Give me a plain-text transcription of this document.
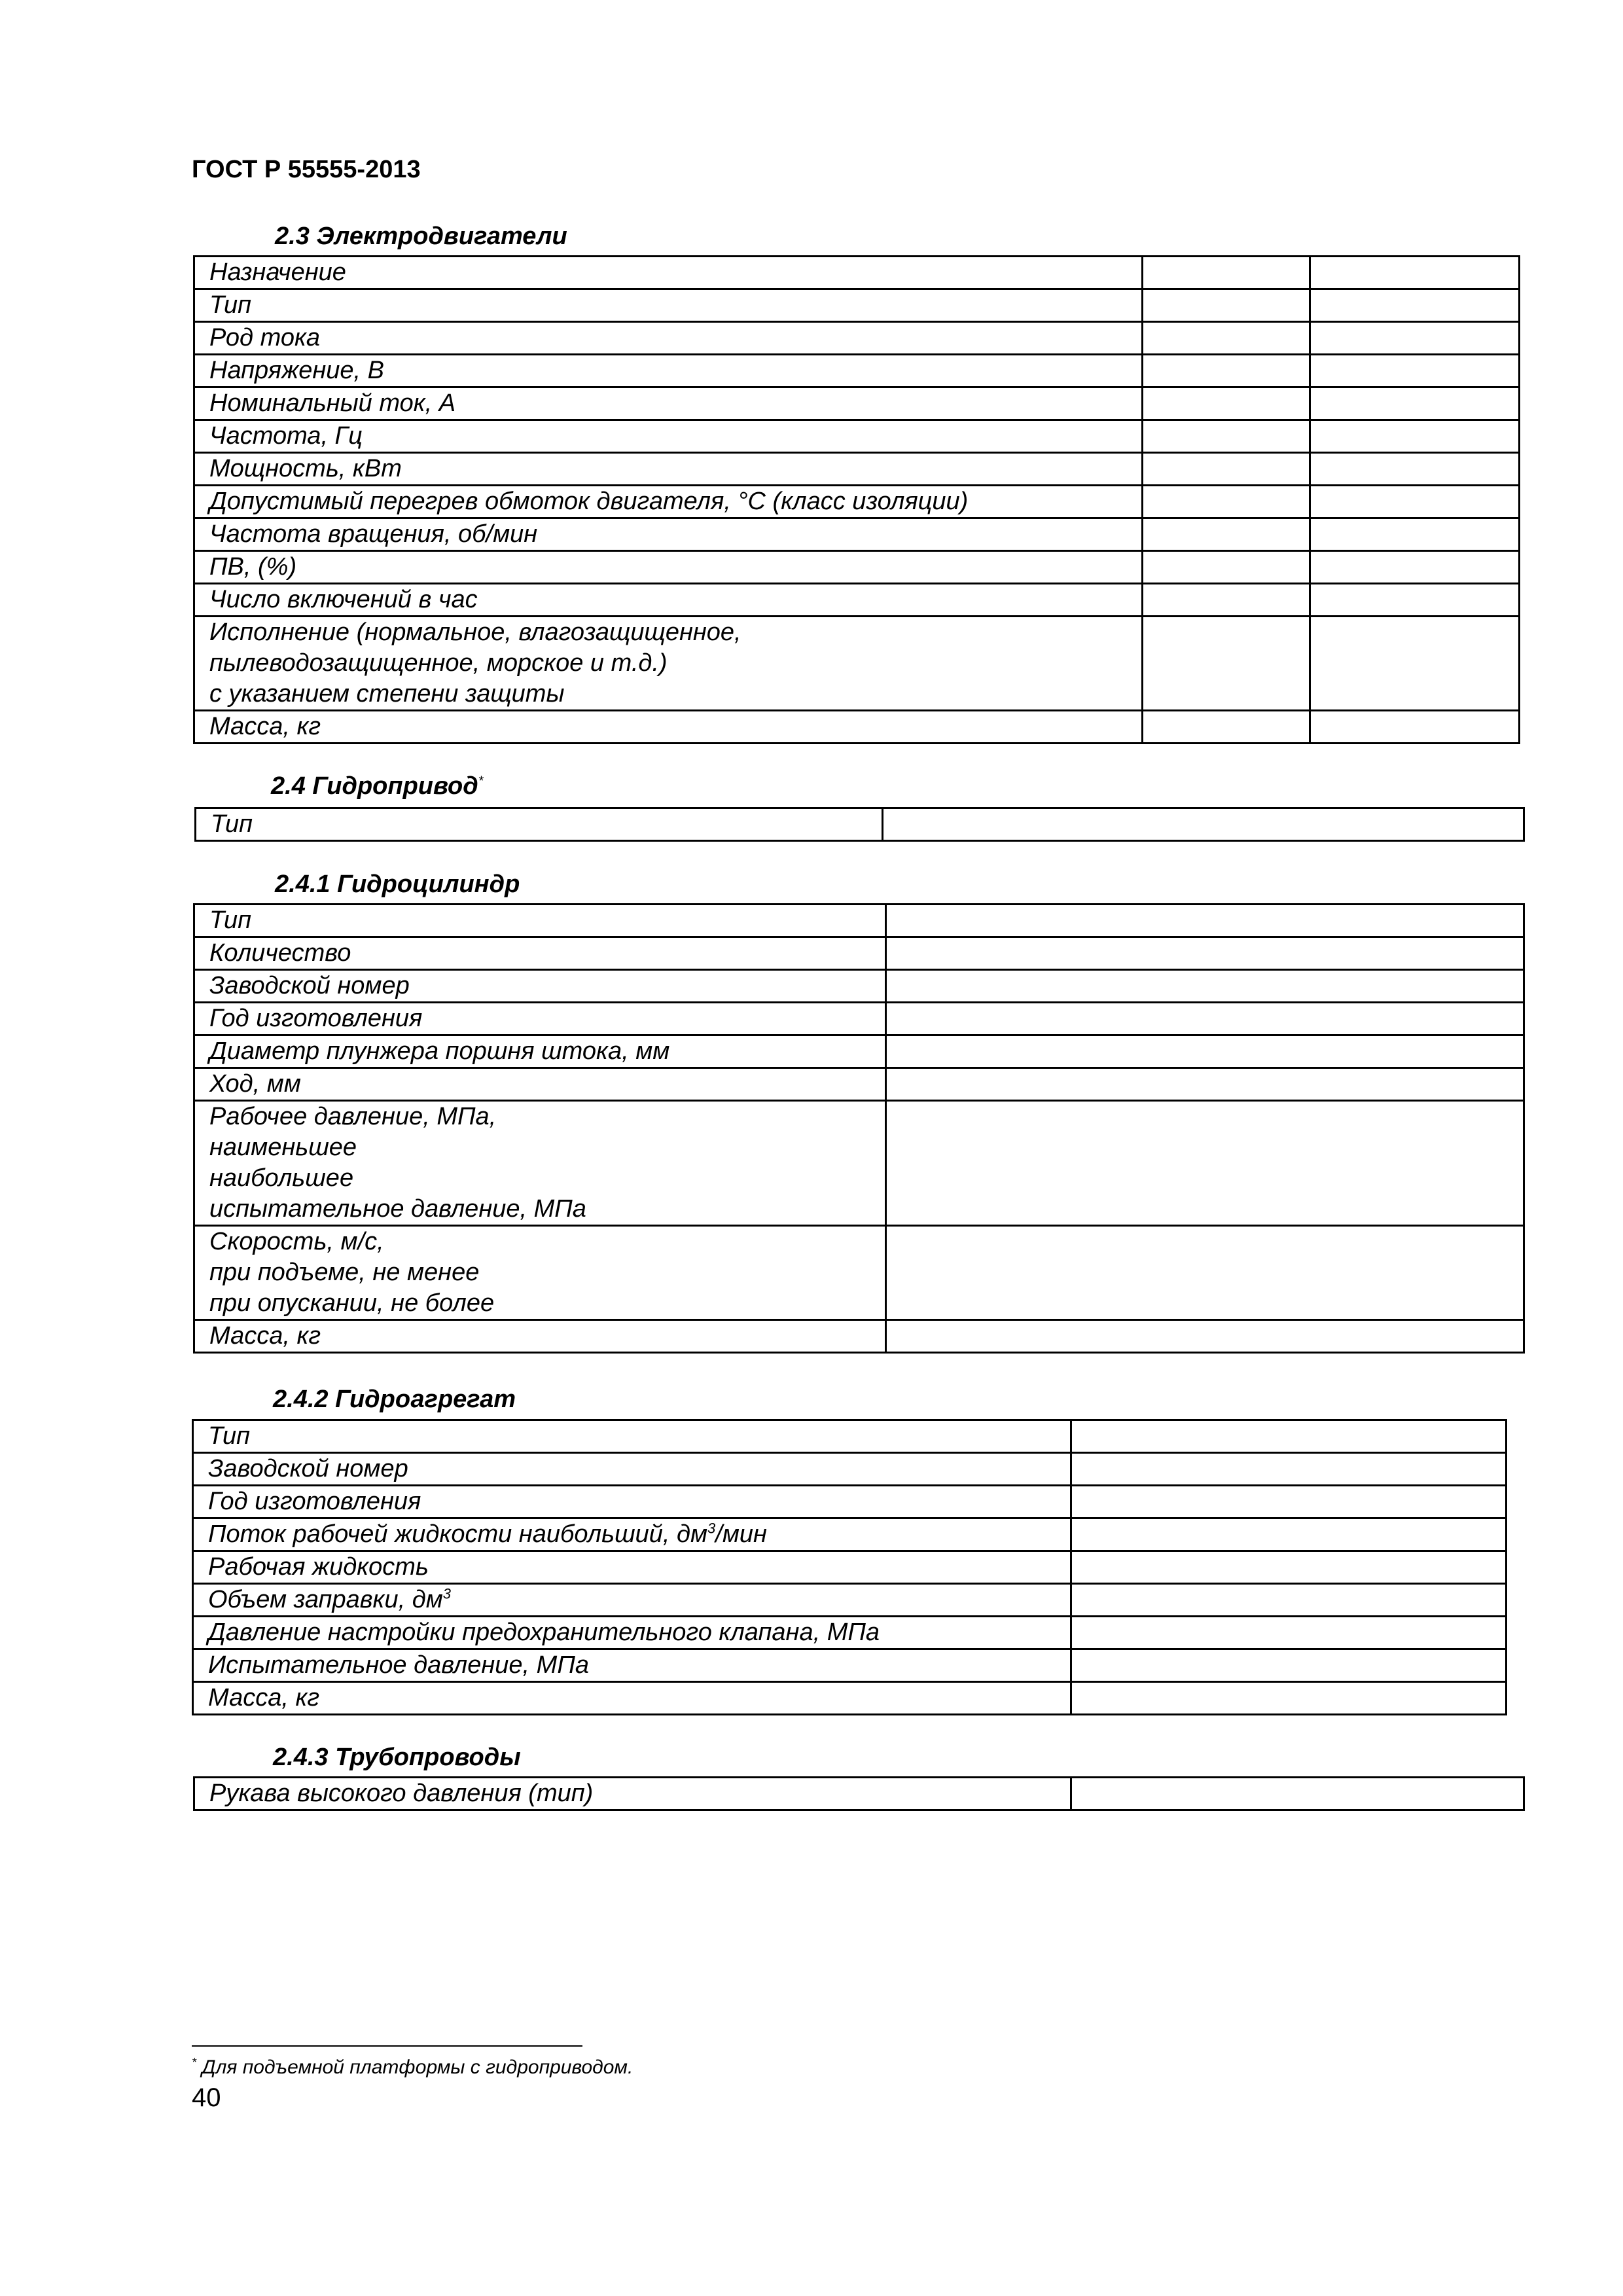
ГОСТ Р 55555-2013
2.3 Электродвигатели
Назначение		
Тип		
Род тока		
Напряжение, В		
Номинальный ток, А		
Частота, Гц		
Мощность, кВт		
Допустимый перегрев обмоток двигателя, °С (класс изоляции)		
Частота вращения, об/мин		
ПВ, (%)		
Число включений в час		

Исполнение (нормальное, влагозащищенное,
пылеводозащищенное, морское и т.д.)
с указанием степени защиты		

Масса, кг		
2.4 Гидропривод*
Тип	
2.4.1 Гидроцилиндр
Тип	
Количество	
Заводской номер	
Год изготовления	
Диаметр плунжера поршня штока, мм	
Ход, мм	

Рабочее давление, МПа,
наименьшее
наибольшее
испытательное давление, МПа	

Скорость, м/с,
при подъеме, не менее
при опускании, не более	

Масса, кг	
2.4.2 Гидроагрегат
Тип	
Заводской номер	
Год изготовления	
Поток рабочей жидкости наибольший, $дм^3$/мин	
Рабочая жидкость	
Объем заправки, $дм^3$	
Давление настройки предохранительного клапана, МПа	
Испытательное давление, МПа	
Масса, кг	
2.4.3 Трубопроводы
Рукава высокого давления (тип)	
* Для подъемной платформы с гидроприводом.
40
